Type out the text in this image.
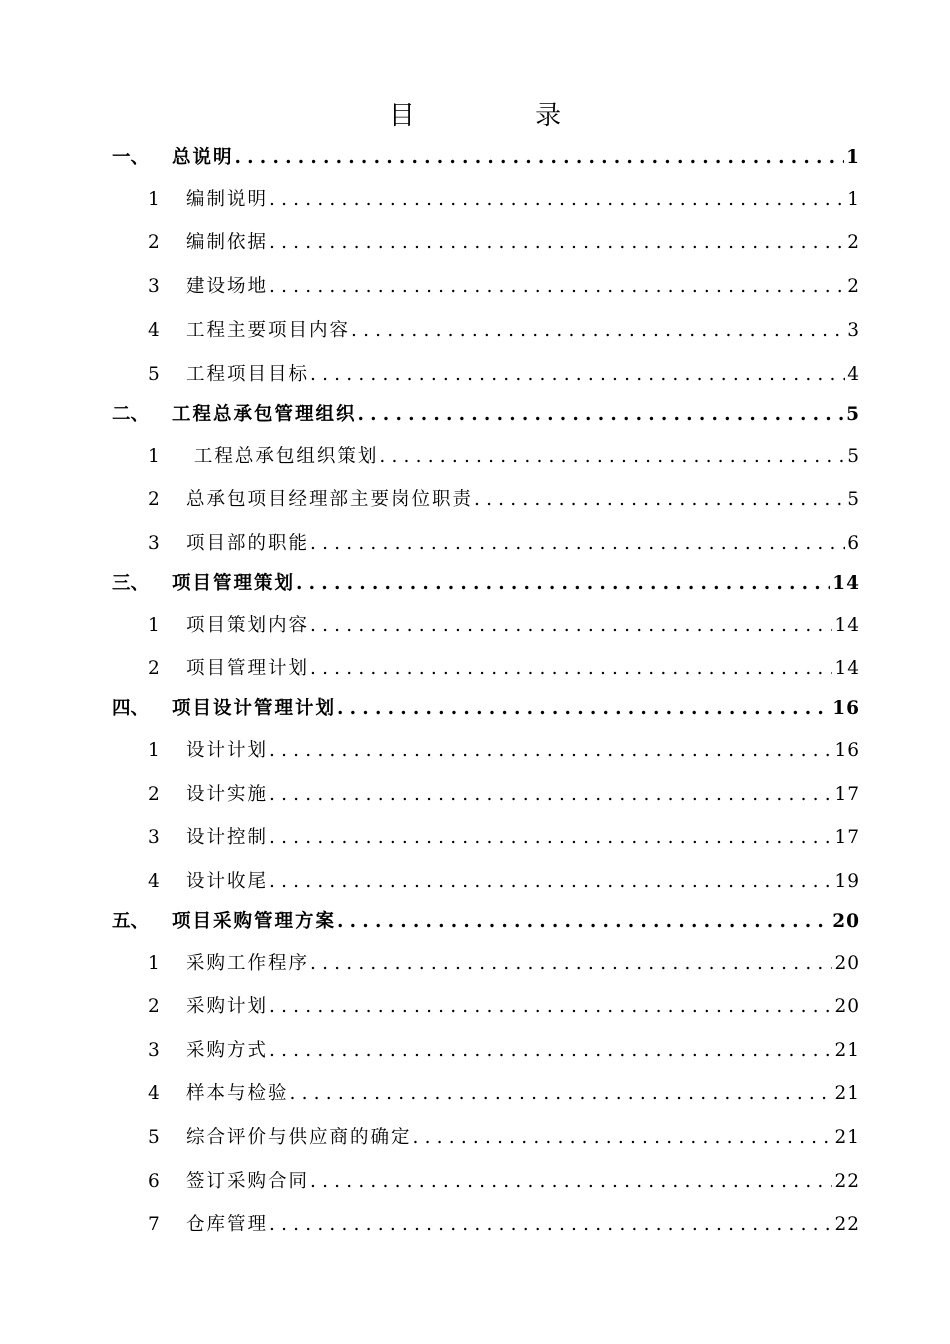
目 录
一、	总说明 .....	1
1	编制说明 .....	1
2	编制依据 .....	2
3	建设场地 .....	2
4	工程主要项目内容 .....	3
5	工程项目目标 .....	4
二、	工程总承包管理组织 .....	5
1	工程总承包组织策划 .....	5
2	总承包项目经理部主要岗位职责 .....	5
3	项目部的职能 .....	6
三、	项目管理策划 .....	14
1	项目策划内容 .....	14
2	项目管理计划 .....	14
四、	项目设计管理计划 .....	16
1	设计计划 .....	16
2	设计实施 .....	17
3	设计控制 .....	17
4	设计收尾 .....	19
五、	项目采购管理方案 .....	20
1	采购工作程序 .....	20
2	采购计划 .....	20
3	采购方式 .....	21
4	样本与检验 .....	21
5	综合评价与供应商的确定 .....	21
6	签订采购合同 .....	22
7	仓库管理 .....	22
